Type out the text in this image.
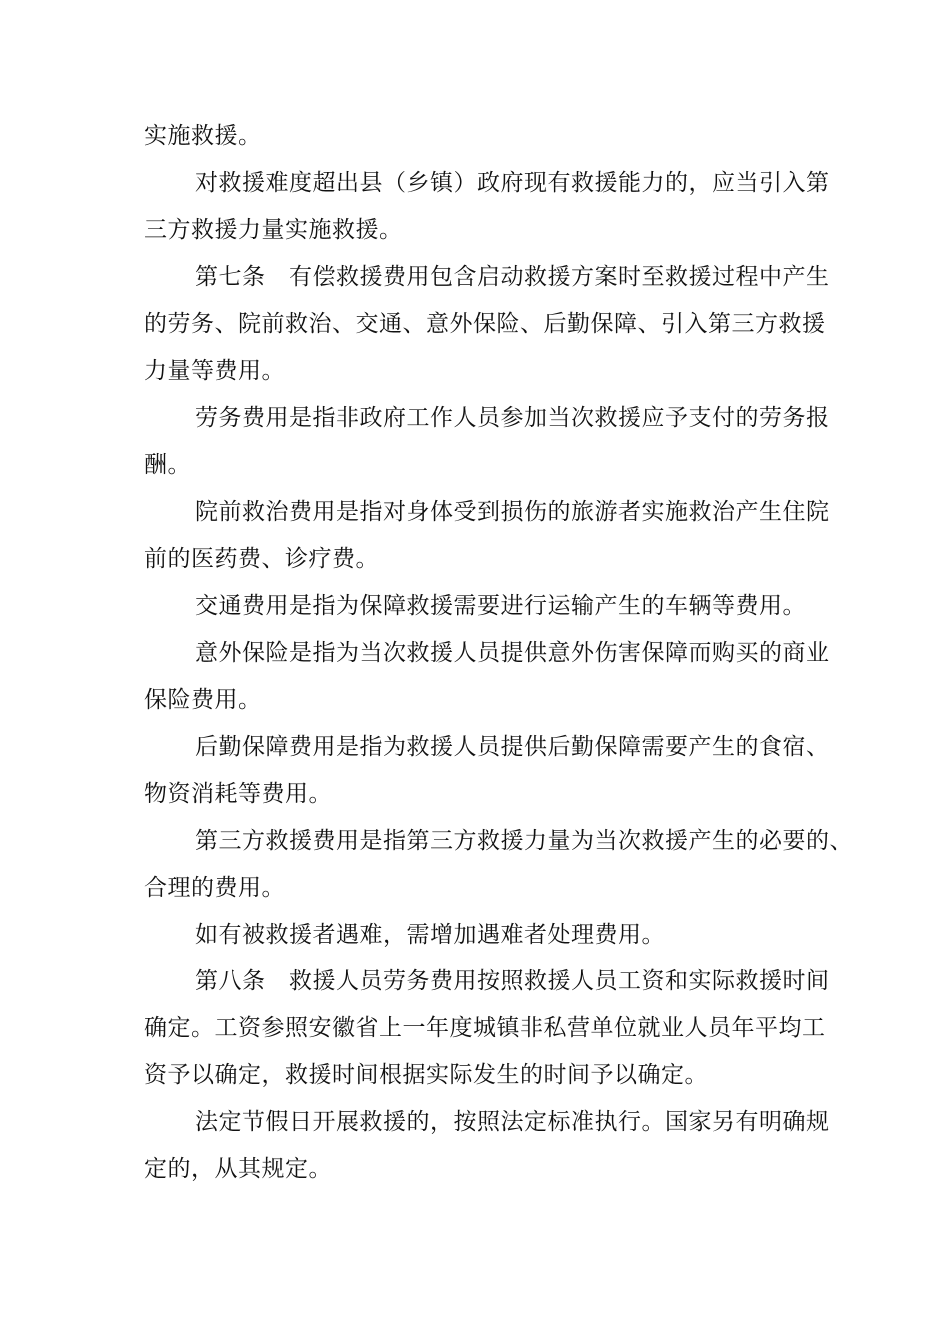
实施救援。
对救援难度超出县（乡镇）政府现有救援能力的，应当引入第
三方救援力量实施救援。
第七条　有偿救援费用包含启动救援方案时至救援过程中产生
的劳务、院前救治、交通、意外保险、后勤保障、引入第三方救援
力量等费用。
劳务费用是指非政府工作人员参加当次救援应予支付的劳务报
酬。
院前救治费用是指对身体受到损伤的旅游者实施救治产生住院
前的医药费、诊疗费。
交通费用是指为保障救援需要进行运输产生的车辆等费用。
意外保险是指为当次救援人员提供意外伤害保障而购买的商业
保险费用。
后勤保障费用是指为救援人员提供后勤保障需要产生的食宿、
物资消耗等费用。
第三方救援费用是指第三方救援力量为当次救援产生的必要的、
合理的费用。
如有被救援者遇难，需增加遇难者处理费用。
第八条　救援人员劳务费用按照救援人员工资和实际救援时间
确定。工资参照安徽省上一年度城镇非私营单位就业人员年平均工
资予以确定，救援时间根据实际发生的时间予以确定。
法定节假日开展救援的，按照法定标准执行。国家另有明确规
定的，从其规定。
